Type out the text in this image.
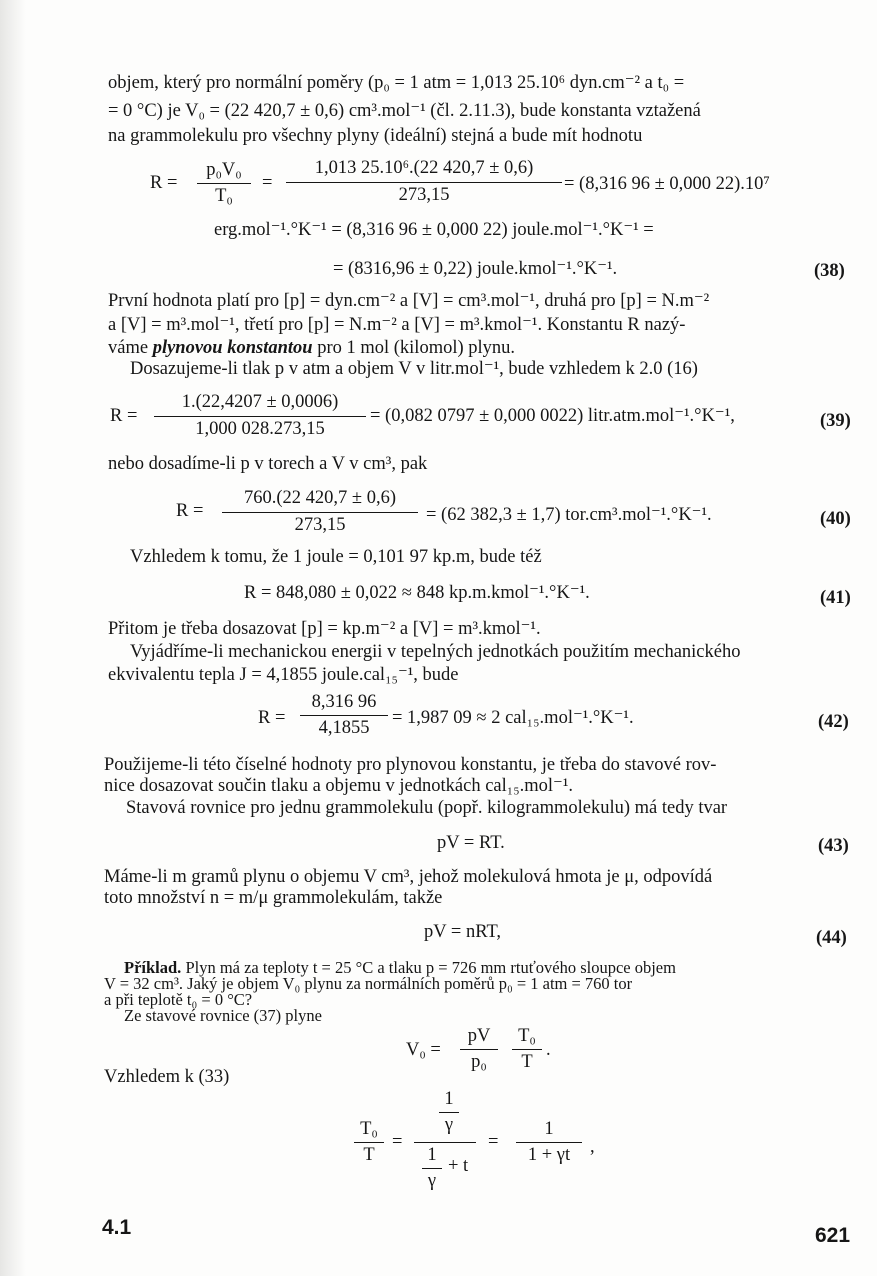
objem, který pro normální poměry (p₀ = 1 atm = 1,013 25.10⁶ dyn.cm⁻² a t₀ =
= 0 °C) je V₀ = (22 420,7 ± 0,6) cm³.mol⁻¹ (čl. 2.11.3), bude konstanta vztažená
na grammolekulu pro všechny plyny (ideální) stejná a bude mít hodnotu
R =
p₀V₀
T₀
=
1,013 25.10⁶.(22 420,7 ± 0,6)
273,15
= (8,316 96 ± 0,000 22).10⁷
erg.mol⁻¹.°K⁻¹ = (8,316 96 ± 0,000 22) joule.mol⁻¹.°K⁻¹ =
= (8316,96 ± 0,22) joule.kmol⁻¹.°K⁻¹.	(38)
První hodnota platí pro [p] = dyn.cm⁻² a [V] = cm³.mol⁻¹, druhá pro [p] = N.m⁻²
a [V] = m³.mol⁻¹, třetí pro [p] = N.m⁻² a [V] = m³.kmol⁻¹. Konstantu R nazý-
váme plynovou konstantou pro 1 mol (kilomol) plynu.
Dosazujeme-li tlak p v atm a objem V v litr.mol⁻¹, bude vzhledem k 2.0 (16)
R =
1.(22,4207 ± 0,0006)
1,000 028.273,15
= (0,082 0797 ± 0,000 0022) litr.atm.mol⁻¹.°K⁻¹,	(39)
nebo dosadíme-li p v torech a V v cm³, pak
R =
760.(22 420,7 ± 0,6)
273,15	= (62 382,3 ± 1,7) tor.cm³.mol⁻¹.°K⁻¹.	(40)
Vzhledem k tomu, že 1 joule = 0,101 97 kp.m, bude též
R = 848,080 ± 0,022 ≈ 848 kp.m.kmol⁻¹.°K⁻¹.	(41)
Přitom je třeba dosazovat [p] = kp.m⁻² a [V] = m³.kmol⁻¹.
Vyjádříme-li mechanickou energii v tepelných jednotkách použitím mechanického
ekvivalentu tepla J = 4,1855 joule.cal₁₅⁻¹, bude
R =
8,316 96
4,1855	= 1,987 09 ≈ 2 cal₁₅.mol⁻¹.°K⁻¹.	(42)
Použijeme-li této číselné hodnoty pro plynovou konstantu, je třeba do stavové rov-
nice dosazovat součin tlaku a objemu v jednotkách cal₁₅.mol⁻¹.
Stavová rovnice pro jednu grammolekulu (popř. kilogrammolekulu) má tedy tvar
pV = RT.	(43)
Máme-li m gramů plynu o objemu V cm³, jehož molekulová hmota je μ, odpovídá
toto množství n = m/μ grammolekulám, takže
pV = nRT,	(44)
Příklad. Plyn má za teploty t = 25 °C a tlaku p = 726 mm rtuťového sloupce objem
V = 32 cm³. Jaký je objem V₀ plynu za normálních poměrů p₀ = 1 atm = 760 tor
a při teplotě t₀ = 0 °C?
Ze stavové rovnice (37) plyne
V₀ =
pV
p₀
T₀
T
.
Vzhledem k (33)
T₀
T
=
1
γ
1
γ
+ t
=
1
1 + γt	,
4.1	621
